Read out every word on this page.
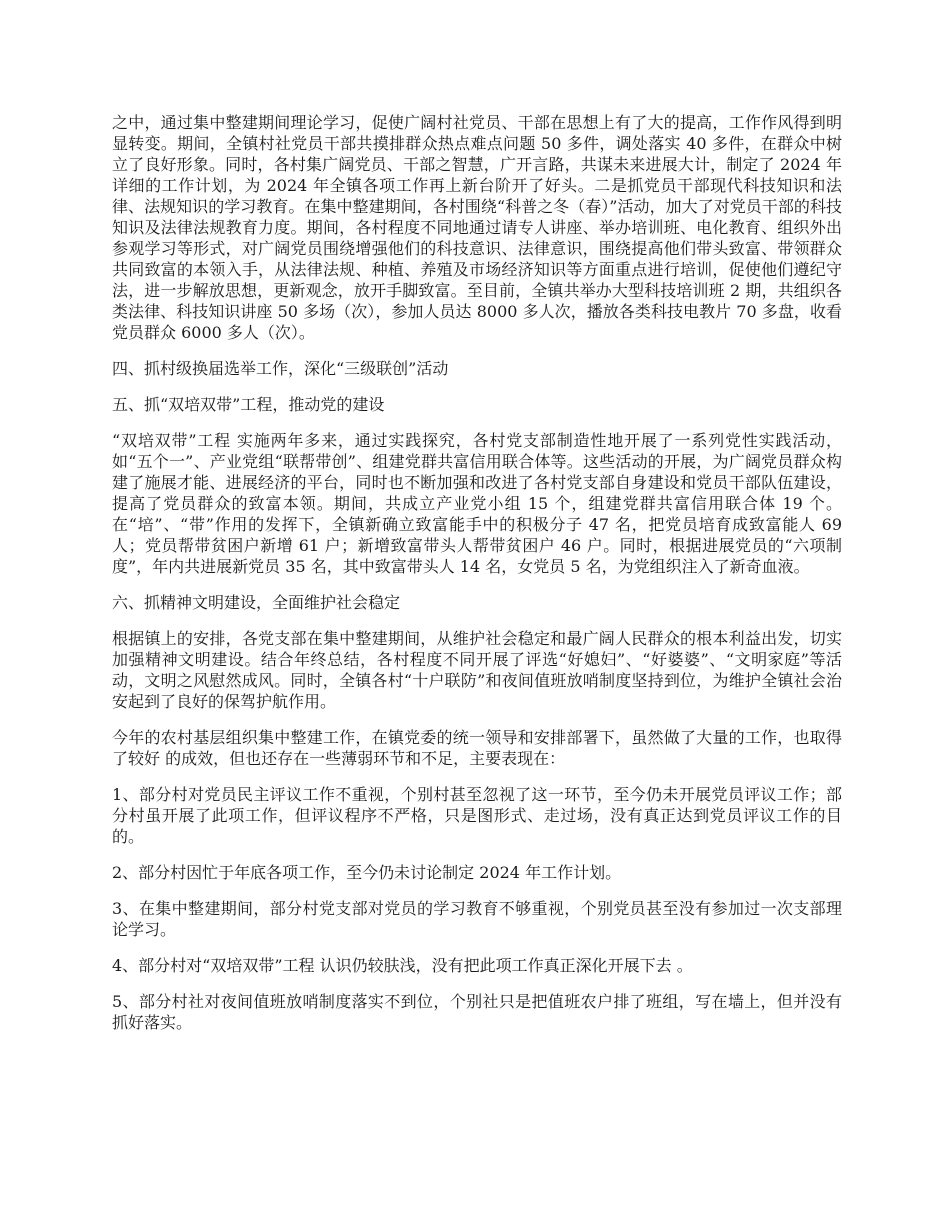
之中，通过集中整建期间理论学习，促使广阔村社党员、干部在思想上有了大的提高，工作作风得到明显转变。期间，全镇村社党员干部共摸排群众热点难点问题 50 多件，调处落实 40 多件，在群众中树立了良好形象。同时，各村集广阔党员、干部之智慧，广开言路，共谋未来进展大计，制定了 2024 年详细的工作计划，为 2024 年全镇各项工作再上新台阶开了好头。二是抓党员干部现代科技知识和法律、法规知识的学习教育。在集中整建期间，各村围绕“科普之冬（春）”活动，加大了对党员干部的科技知识及法律法规教育力度。期间，各村程度不同地通过请专人讲座、举办培训班、电化教育、组织外出参观学习等形式，对广阔党员围绕增强他们的科技意识、法律意识，围绕提高他们带头致富、带领群众共同致富的本领入手，从法律法规、种植、养殖及市场经济知识等方面重点进行培训，促使他们遵纪守法，进一步解放思想，更新观念，放开手脚致富。至目前，全镇共举办大型科技培训班 2 期，共组织各类法律、科技知识讲座 50 多场（次），参加人员达 8000 多人次，播放各类科技电教片 70 多盘，收看党员群众 6000 多人（次）。

四、抓村级换届选举工作，深化“三级联创”活动

五、抓“双培双带”工程，推动党的建设

“双培双带”工程 实施两年多来，通过实践探究，各村党支部制造性地开展了一系列党性实践活动，如“五个一”、产业党组“联帮带创”、组建党群共富信用联合体等。这些活动的开展，为广阔党员群众构建了施展才能、进展经济的平台，同时也不断加强和改进了各村党支部自身建设和党员干部队伍建设，提高了党员群众的致富本领。期间，共成立产业党小组 15 个，组建党群共富信用联合体 19 个。在“培”、“带”作用的发挥下，全镇新确立致富能手中的积极分子 47 名，把党员培育成致富能人 69 人；党员帮带贫困户新增 61 户；新增致富带头人帮带贫困户 46 户。同时，根据进展党员的“六项制度”，年内共进展新党员 35 名，其中致富带头人 14 名，女党员 5 名，为党组织注入了新奇血液。

六、抓精神文明建设，全面维护社会稳定

根据镇上的安排，各党支部在集中整建期间，从维护社会稳定和最广阔人民群众的根本利益出发，切实加强精神文明建设。结合年终总结，各村程度不同开展了评选“好媳妇”、“好婆婆”、“文明家庭”等活动，文明之风慰然成风。同时，全镇各村“十户联防”和夜间值班放哨制度坚持到位，为维护全镇社会治安起到了良好的保驾护航作用。

今年的农村基层组织集中整建工作，在镇党委的统一领导和安排部署下，虽然做了大量的工作，也取得了较好 的成效，但也还存在一些薄弱环节和不足，主要表现在：

1、部分村对党员民主评议工作不重视，个别村甚至忽视了这一环节，至今仍未开展党员评议工作；部分村虽开展了此项工作，但评议程序不严格，只是图形式、走过场，没有真正达到党员评议工作的目的。

2、部分村因忙于年底各项工作，至今仍未讨论制定 2024 年工作计划。

3、在集中整建期间，部分村党支部对党员的学习教育不够重视，个别党员甚至没有参加过一次支部理论学习。

4、部分村对“双培双带”工程 认识仍较肤浅，没有把此项工作真正深化开展下去 。

5、部分村社对夜间值班放哨制度落实不到位，个别社只是把值班农户排了班组，写在墙上，但并没有抓好落实。
